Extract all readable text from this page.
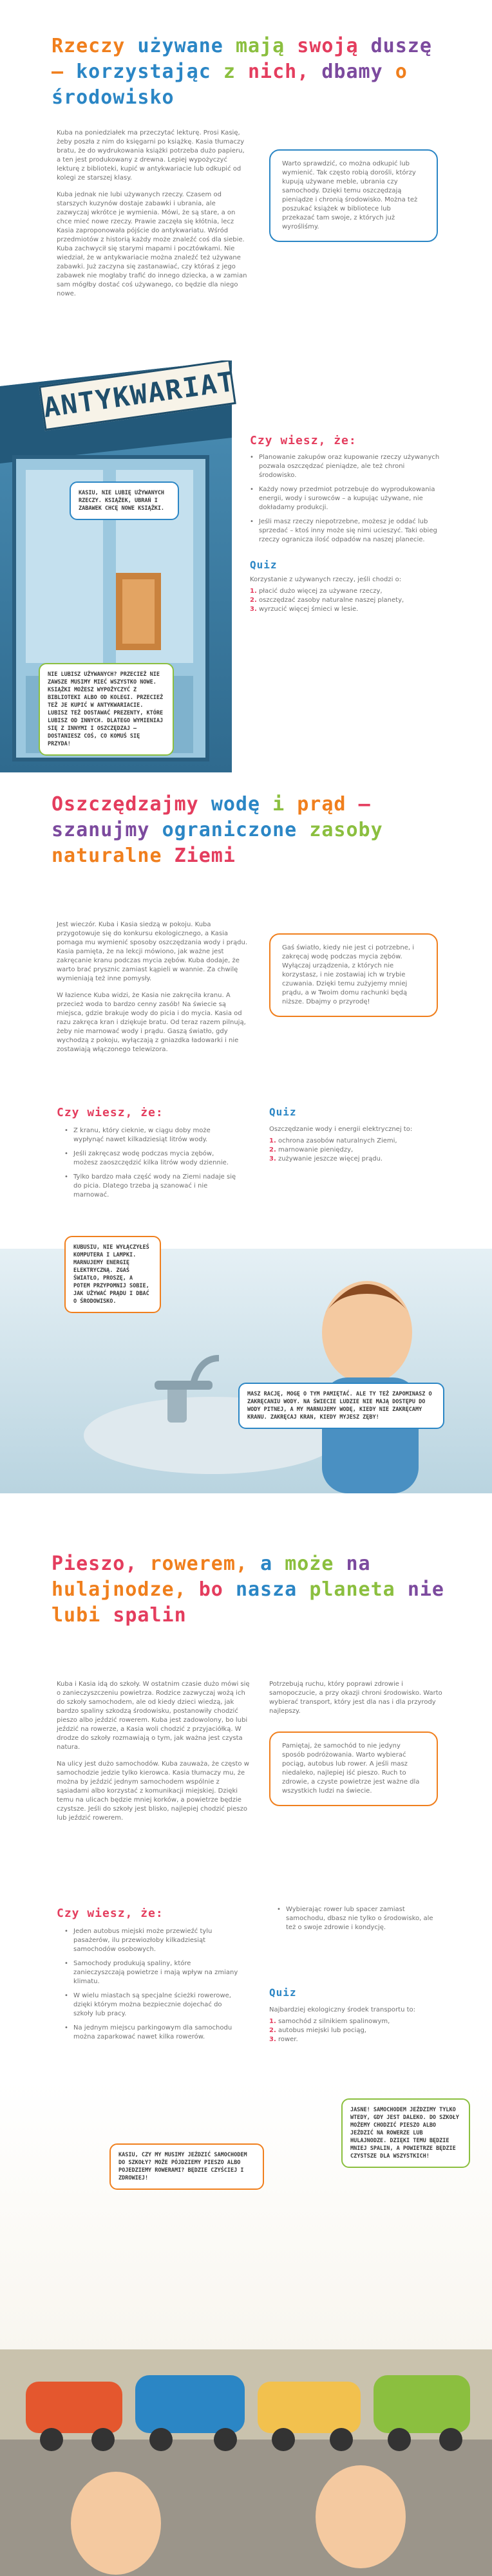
Rzeczy używane mają swoją duszę – korzystając z nich, dbamy o środowisko

Kuba na poniedziałek ma przeczytać lekturę. Prosi Kasię, żeby poszła z nim do księgarni po książkę. Kasia tłumaczy bratu, że do wydrukowania książki potrzeba dużo papieru, a ten jest produkowany z drewna. Lepiej wypożyczyć lekturę z biblioteki, kupić w antykwariacie lub odkupić od kolegi ze starszej klasy.

Kuba jednak nie lubi używanych rzeczy. Czasem od starszych kuzynów dostaje zabawki i ubrania, ale zazwyczaj wkrótce je wymienia. Mówi, że są stare, a on chce mieć nowe rzeczy. Prawie zaczęła się kłótnia, lecz Kasia zaproponowała pójście do antykwariatu. Wśród przedmiotów z historią każdy może znaleźć coś dla siebie. Kuba zachwycił się starymi mapami i pocztówkami. Nie wiedział, że w antykwariacie można znaleźć też używane zabawki. Już zaczyna się zastanawiać, czy któraś z jego zabawek nie mogłaby trafić do innego dziecka, a w zamian sam mógłby dostać coś używanego, co będzie dla niego nowe.

Warto sprawdzić, co można odkupić lub wymienić. Tak często robią dorośli, którzy kupują używane meble, ubrania czy samochody. Dzięki temu oszczędzają pieniądze i chronią środowisko. Można też poszukać książek w bibliotece lub przekazać tam swoje, z których już wyrośliśmy.
ANTYKWARIAT
KASIU, NIE LUBIĘ UŻYWANYCH RZECZY. KSIĄŻEK, UBRAŃ I ZABAWEK CHCĘ NOWE KSIĄŻKI.
NIE LUBISZ UŻYWANYCH? PRZECIEŻ NIE ZAWSZE MUSIMY MIEĆ WSZYSTKO NOWE. KSIĄŻKI MOŻESZ WYPOŻYCZYĆ Z BIBLIOTEKI ALBO OD KOLEGI. PRZECIEŻ TEŻ JE KUPIĆ W ANTYKWARIACIE. LUBISZ TEŻ DOSTAWAĆ PREZENTY, KTÓRE LUBISZ OD INNYCH. DLATEGO WYMIENIAJ SIĘ Z INNYMI I OSZCZĘDZAJ – DOSTANIESZ COŚ, CO KOMUŚ SIĘ PRZYDA!
Czy wiesz, że:
• Planowanie zakupów oraz kupowanie rzeczy używanych pozwala oszczędzać pieniądze, ale też chroni środowisko.
• Każdy nowy przedmiot potrzebuje do wyprodukowania energii, wody i surowców – a kupując używane, nie dokładamy produkcji.
• Jeśli masz rzeczy niepotrzebne, możesz je oddać lub sprzedać – ktoś inny może się nimi ucieszyć. Taki obieg rzeczy ogranicza ilość odpadów na naszej planecie.
Quiz
Korzystanie z używanych rzeczy, jeśli chodzi o:
1. płacić dużo więcej za używane rzeczy,
2. oszczędzać zasoby naturalne naszej planety,
3. wyrzucić więcej śmieci w lesie.
Oszczędzajmy wodę i prąd – szanujmy ograniczone zasoby naturalne Ziemi

Jest wieczór. Kuba i Kasia siedzą w pokoju. Kuba przygotowuje się do konkursu ekologicznego, a Kasia pomaga mu wymienić sposoby oszczędzania wody i prądu. Kasia pamięta, że na lekcji mówiono, jak ważne jest zakręcanie kranu podczas mycia zębów. Kuba dodaje, że warto brać prysznic zamiast kąpieli w wannie. Za chwilę wymieniają też inne pomysły.

W łazience Kuba widzi, że Kasia nie zakręciła kranu. A przecież woda to bardzo cenny zasób! Na świecie są miejsca, gdzie brakuje wody do picia i do mycia. Kasia od razu zakręca kran i dziękuje bratu. Od teraz razem pilnują, żeby nie marnować wody i prądu. Gaszą światło, gdy wychodzą z pokoju, wyłączają z gniazdka ładowarki i nie zostawiają włączonego telewizora.

Gaś światło, kiedy nie jest ci potrzebne, i zakręcaj wodę podczas mycia zębów. Wyłączaj urządzenia, z których nie korzystasz, i nie zostawiaj ich w trybie czuwania. Dzięki temu zużyjemy mniej prądu, a w Twoim domu rachunki będą niższe. Dbajmy o przyrodę!
Czy wiesz, że:
• Z kranu, który cieknie, w ciągu doby może wypłynąć nawet kilkadziesiąt litrów wody.
• Jeśli zakręcasz wodę podczas mycia zębów, możesz zaoszczędzić kilka litrów wody dziennie.
• Tylko bardzo mała część wody na Ziemi nadaje się do picia. Dlatego trzeba ją szanować i nie marnować.
Quiz
Oszczędzanie wody i energii elektrycznej to:
1. ochrona zasobów naturalnych Ziemi,
2. marnowanie pieniędzy,
3. zużywanie jeszcze więcej prądu.
KUBUSIU, NIE WYŁĄCZYŁEŚ KOMPUTERA I LAMPKI. MARNUJEMY ENERGIĘ ELEKTRYCZNĄ. ZGAŚ ŚWIATŁO, PROSZĘ, A POTEM PRZYPOMNIJ SOBIE, JAK UŻYWAĆ PRĄDU I DBAĆ O ŚRODOWISKO.
MASZ RACJĘ, MOGĘ O TYM PAMIĘTAĆ. ALE TY TEŻ ZAPOMINASZ O ZAKRĘCANIU WODY. NA ŚWIECIE LUDZIE NIE MAJĄ DOSTĘPU DO WODY PITNEJ, A MY MARNUJEMY WODĘ, KIEDY NIE ZAKRĘCAMY KRANU. ZAKRĘCAJ KRAN, KIEDY MYJESZ ZĘBY!
Pieszo, rowerem, a może na hulajnodze, bo nasza planeta nie lubi spalin

Kuba i Kasia idą do szkoły. W ostatnim czasie dużo mówi się o zanieczyszczeniu powietrza. Rodzice zazwyczaj wożą ich do szkoły samochodem, ale od kiedy dzieci wiedzą, jak bardzo spaliny szkodzą środowisku, postanowiły chodzić pieszo albo jeździć rowerem. Kuba jest zadowolony, bo lubi jeździć na rowerze, a Kasia woli chodzić z przyjaciółką. W drodze do szkoły rozmawiają o tym, jak ważna jest czysta natura.

Na ulicy jest dużo samochodów. Kuba zauważa, że często w samochodzie jedzie tylko kierowca. Kasia tłumaczy mu, że można by jeździć jednym samochodem wspólnie z sąsiadami albo korzystać z komunikacji miejskiej. Dzięki temu na ulicach będzie mniej korków, a powietrze będzie czystsze. Jeśli do szkoły jest blisko, najlepiej chodzić pieszo lub jeździć rowerem.

Potrzebują ruchu, który poprawi zdrowie i samopoczucie, a przy okazji chroni środowisko. Warto wybierać transport, który jest dla nas i dla przyrody najlepszy.

Pamiętaj, że samochód to nie jedyny sposób podróżowania. Warto wybierać pociąg, autobus lub rower. A jeśli masz niedaleko, najlepiej iść pieszo. Ruch to zdrowie, a czyste powietrze jest ważne dla wszystkich ludzi na świecie.
Czy wiesz, że:
• Jeden autobus miejski może przewieźć tylu pasażerów, ilu przewiozłoby kilkadziesiąt samochodów osobowych.
• Samochody produkują spaliny, które zanieczyszczają powietrze i mają wpływ na zmiany klimatu.
• W wielu miastach są specjalne ścieżki rowerowe, dzięki którym można bezpiecznie dojechać do szkoły lub pracy.
• Na jednym miejscu parkingowym dla samochodu można zaparkować nawet kilka rowerów.
• Wybierając rower lub spacer zamiast samochodu, dbasz nie tylko o środowisko, ale też o swoje zdrowie i kondycję.
Quiz
Najbardziej ekologiczny środek transportu to:
1. samochód z silnikiem spalinowym,
2. autobus miejski lub pociąg,
3. rower.
KASIU, CZY MY MUSIMY JEŹDZIĆ SAMOCHODEM DO SZKOŁY? MOŻE PÓJDZIEMY PIESZO ALBO POJEDZIEMY ROWERAMI? BĘDZIE CZYŚCIEJ I ZDROWIEJ!
JASNE! SAMOCHODEM JEŹDZIMY TYLKO WTEDY, GDY JEST DALEKO. DO SZKOŁY MOŻEMY CHODZIĆ PIESZO ALBO JEŹDZIĆ NA ROWERZE LUB HULAJNODZE. DZIĘKI TEMU BĘDZIE MNIEJ SPALIN, A POWIETRZE BĘDZIE CZYSTSZE DLA WSZYSTKICH!
